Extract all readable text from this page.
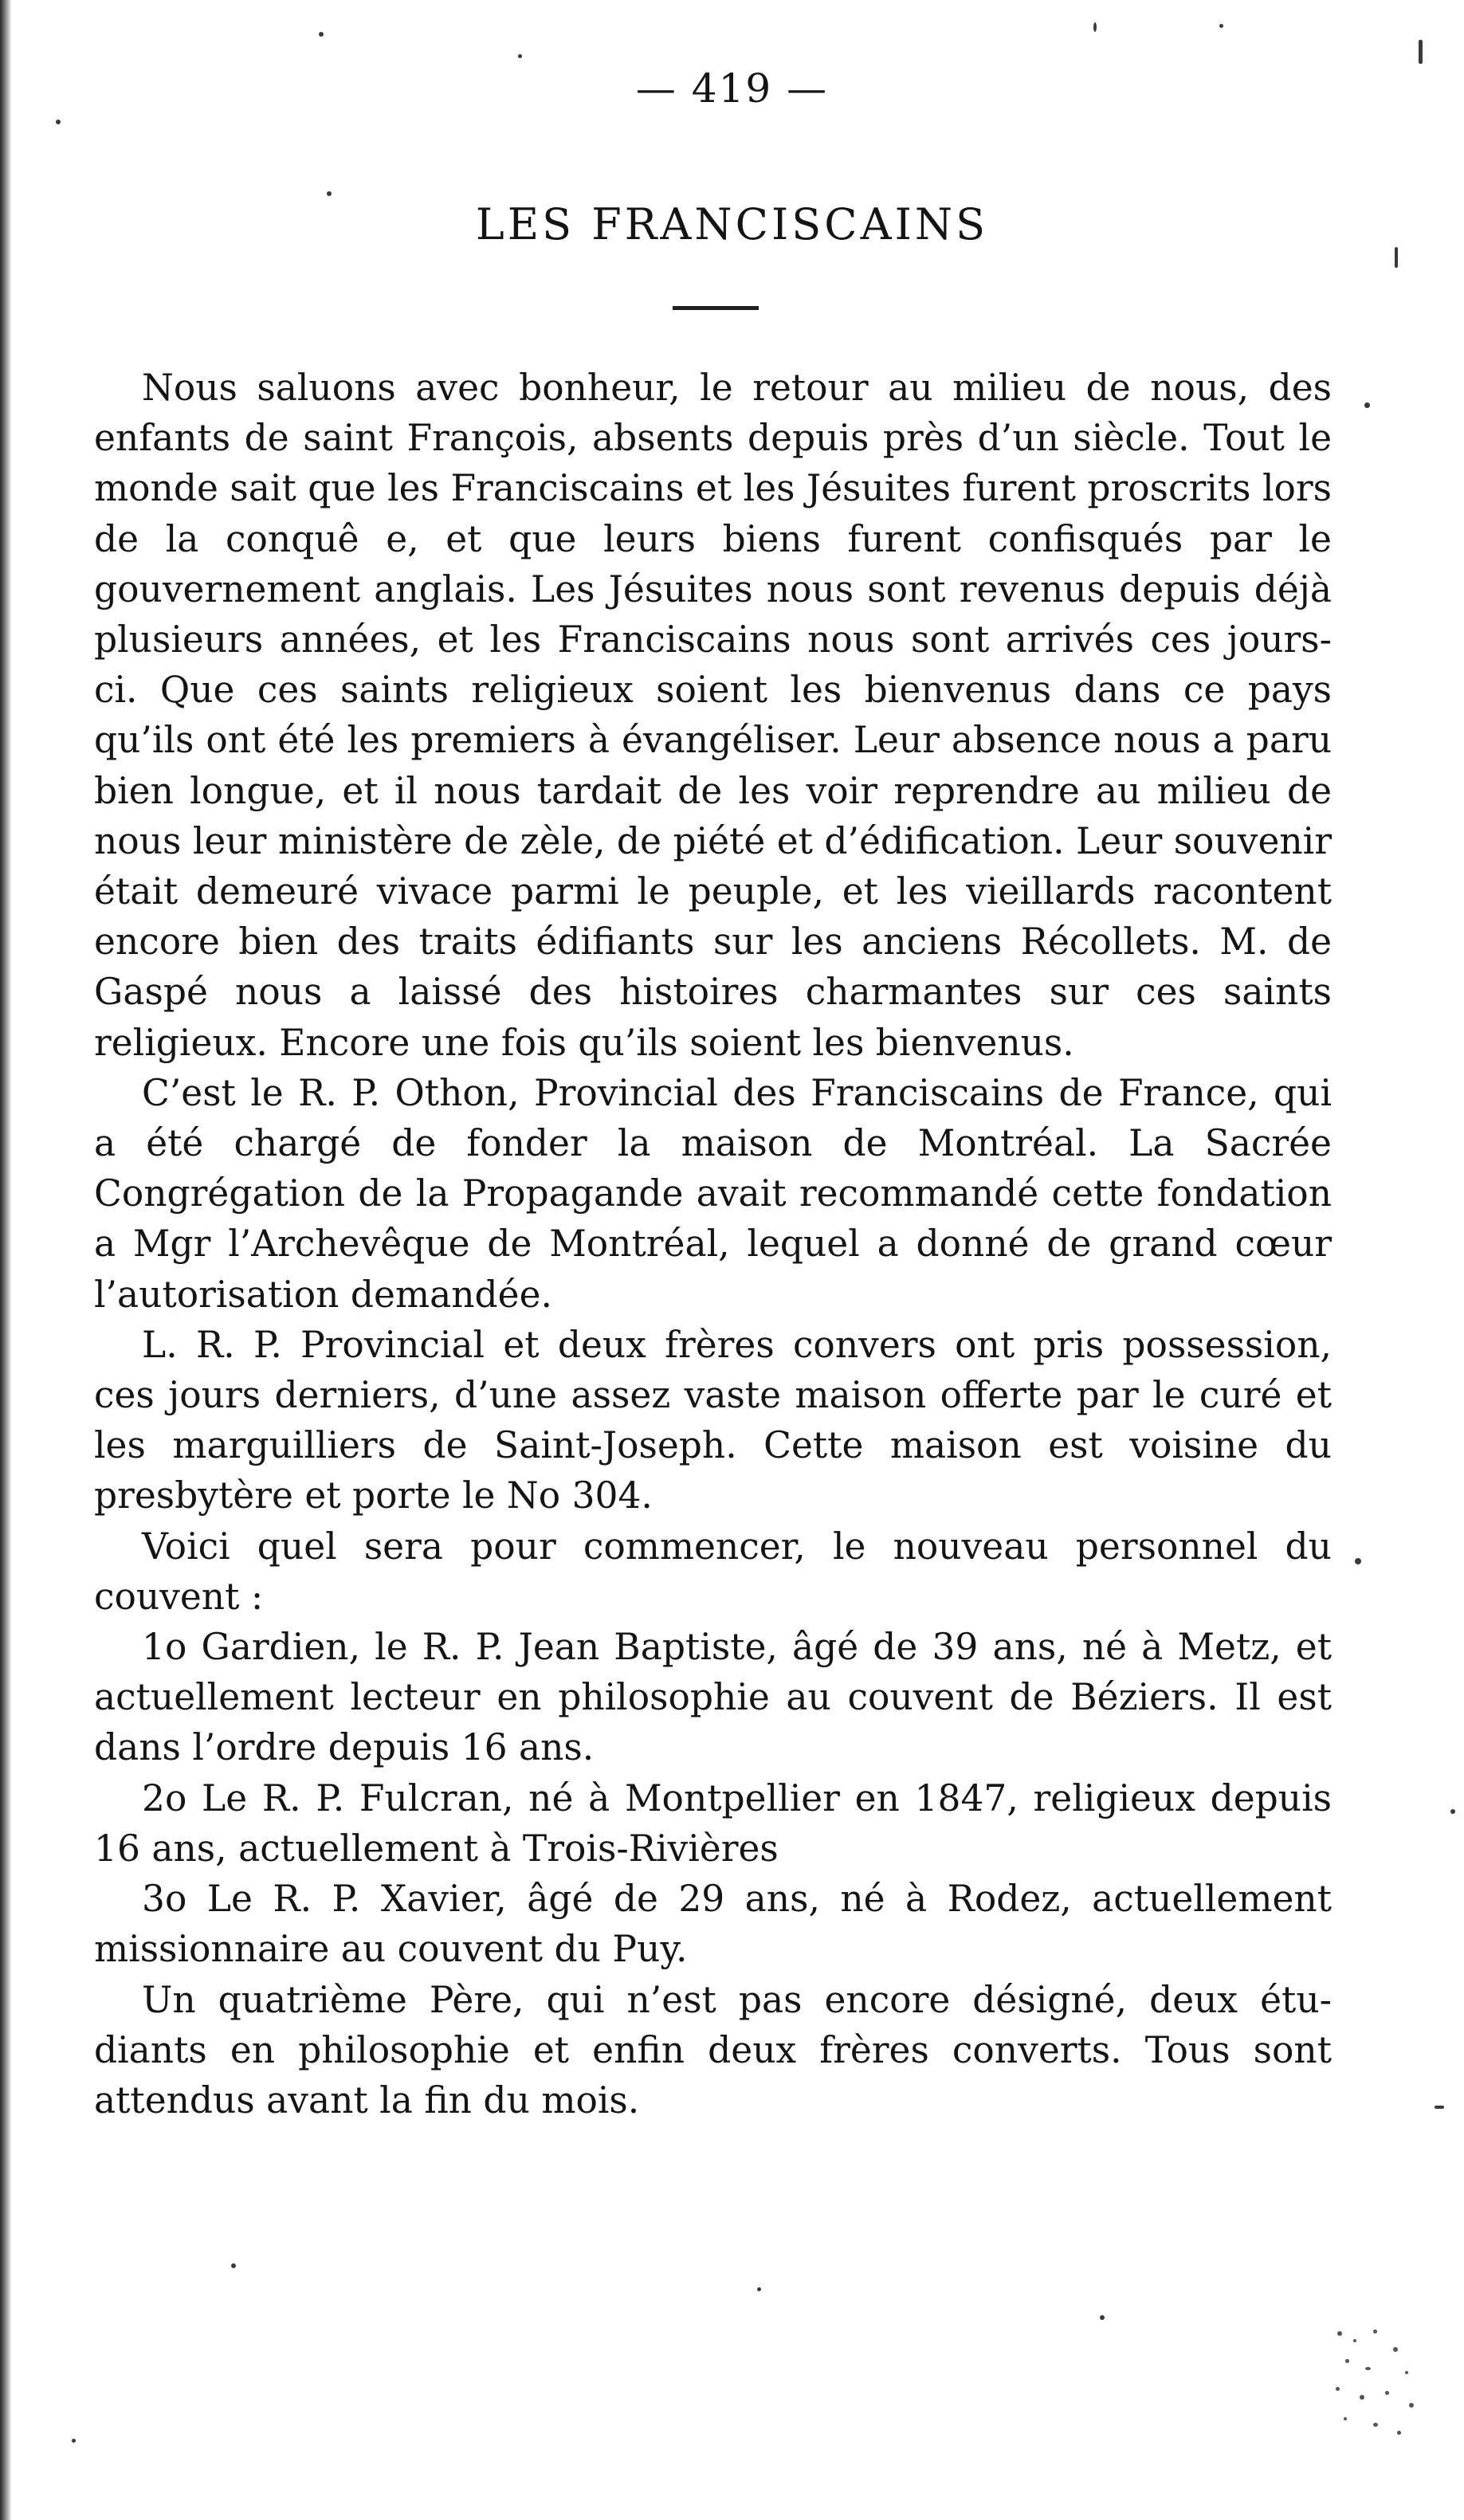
— 419 —
LES FRANCISCAINS

Nous saluons avec bonheur, le retour au milieu de nous, des enfants de saint François, absents depuis près d’un siècle. Tout le monde sait que les Franciscains et les Jésuites furent proscrits lors de la conquê e, et que leurs biens furent confisqués par le gouvernement anglais. Les Jésuites nous sont revenus depuis déjà plusieurs années, et les Franciscains nous sont arrivés ces jours-ci. Que ces saints religieux soient les bienvenus dans ce pays qu’ils ont été les premiers à évangéliser. Leur absence nous a paru bien longue, et il nous tardait de les voir reprendre au milieu de nous leur ministère de zèle, de piété et d’édification. Leur souvenir était demeuré vivace parmi le peuple, et les vieillards racontent encore bien des traits édifiants sur les anciens Récollets. M. de Gaspé nous a laissé des histoires charmantes sur ces saints religieux. Encore une fois qu’ils soient les bienvenus.

C’est le R. P. Othon, Provincial des Franciscains de France, qui a été chargé de fonder la maison de Montréal. La Sacrée Congrégation de la Propagande avait recommandé cette fondation a Mgr l’Archevêque de Montréal, lequel a donné de grand cœur l’autorisation demandée.

L. R. P. Provincial et deux frères convers ont pris possession, ces jours derniers, d’une assez vaste maison offerte par le curé et les marguilliers de Saint-Joseph. Cette maison est voisine du presbytère et porte le No 304.

Voici quel sera pour commencer, le nouveau personnel du couvent :

1o Gardien, le R. P. Jean Baptiste, âgé de 39 ans, né à Metz, et actuellement lecteur en philosophie au couvent de Béziers. Il est dans l’ordre depuis 16 ans.

2o Le R. P. Fulcran, né à Montpellier en 1847, religieux depuis 16 ans, actuellement à Trois-Rivières

3o Le R. P. Xavier, âgé de 29 ans, né à Rodez, actuellement missionnaire au couvent du Puy.

Un quatrième Père, qui n’est pas encore désigné, deux étudiants en philosophie et enfin deux frères converts. Tous sont attendus avant la fin du mois.
